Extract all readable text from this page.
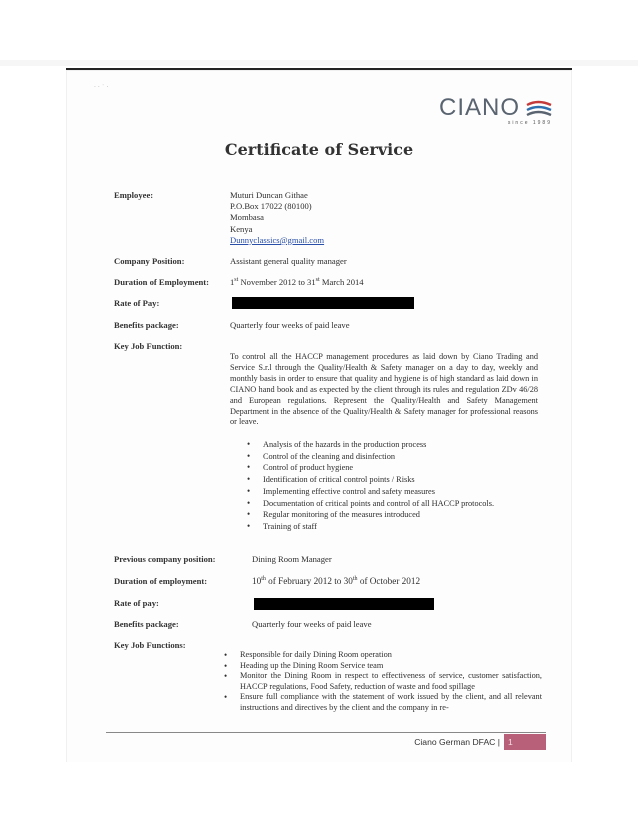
· · ˙ ·
CIANO
since 1989
Certificate of Service
Employee:	Muturi Duncan Githae
P.O.Box 17022 (80100)
Mombasa
Kenya
Dunnyclassics@gmail.com
Company Position:	Assistant general quality manager
Duration of Employment: 1st November 2012 to 31st March 2014
Rate of Pay:
Benefits package:	Quarterly four weeks of paid leave
Key Job Function:
To control all the HACCP management procedures as laid down by Ciano Trading and Service S.r.l through the Quality/Health & Safety manager on a day to day, weekly and monthly basis in order to ensure that quality and hygiene is of high standard as laid down in CIANO hand book and as expected by the client through its rules and regulation ZDv 46/28 and European regulations. Represent the Quality/Health and Safety Management Department in the absence of the Quality/Health & Safety manager for professional reasons or leave.
• Analysis of the hazards in the production process
• Control of the cleaning and disinfection
• Control of product hygiene
• Identification of critical control points / Risks
• Implementing effective control and safety measures
• Documentation of critical points and control of all HACCP protocols.
• Regular monitoring of the measures introduced
• Training of staff
Previous company position:	Dining Room Manager
Duration of employment:	10th of February 2012 to 30th of October 2012
Rate of pay:
Benefits package:	Quarterly four weeks of paid leave
Key Job Functions:
• Responsible for daily Dining Room operation
• Heading up the Dining Room Service team
• Monitor the Dining Room in respect to effectiveness of service, customer satisfaction, HACCP regulations, Food Safety, reduction of waste and food spillage
• Ensure full compliance with the statement of work issued by the client, and all relevant instructions and directives by the client and the company in re-
Ciano German DFAC | 1
